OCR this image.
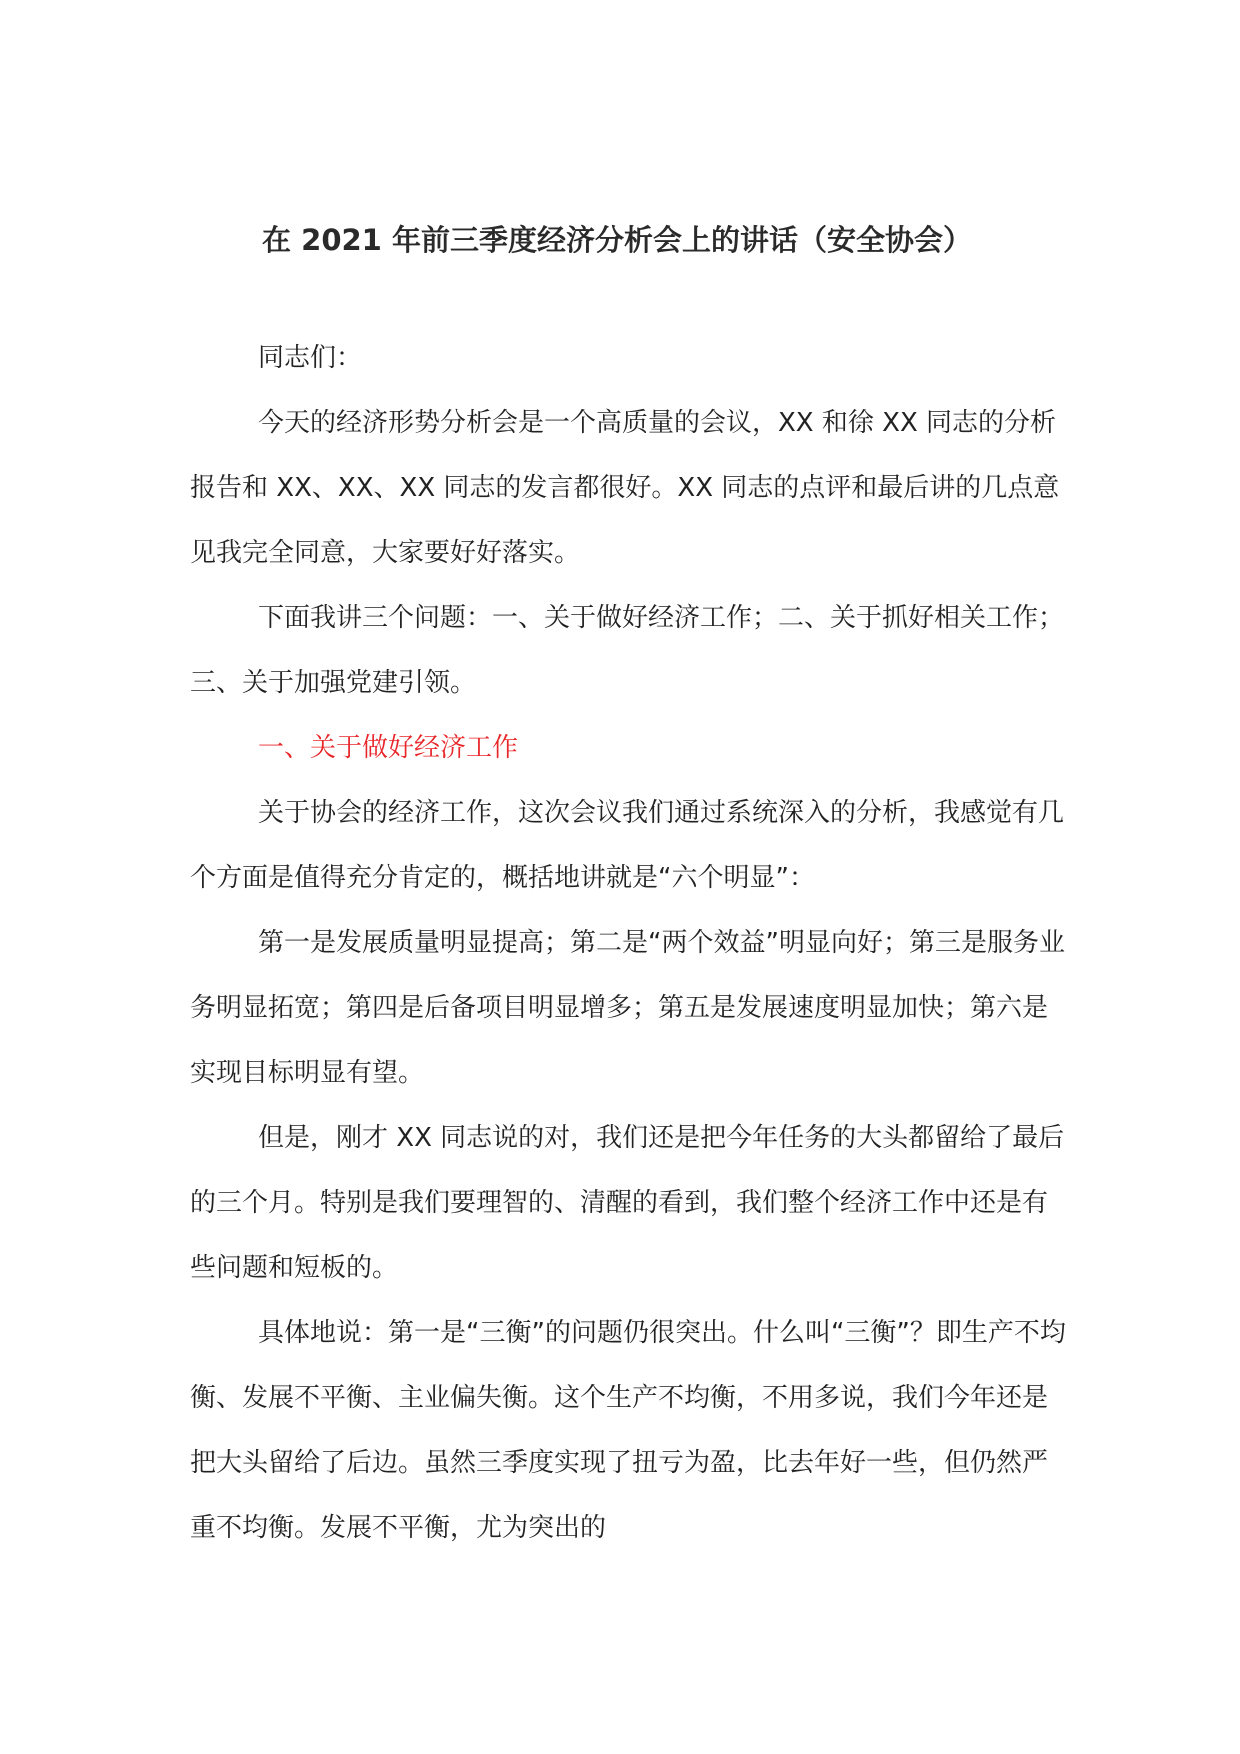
在 2021 年前三季度经济分析会上的讲话（安全协会）

同志们：

今天的经济形势分析会是一个高质量的会议，XX 和徐 XX 同志的分析报告和 XX、XX、XX 同志的发言都很好。XX 同志的点评和最后讲的几点意见我完全同意，大家要好好落实。

下面我讲三个问题：一、关于做好经济工作；二、关于抓好相关工作；三、关于加强党建引领。

一、关于做好经济工作

关于协会的经济工作，这次会议我们通过系统深入的分析，我感觉有几个方面是值得充分肯定的，概括地讲就是“六个明显”：

第一是发展质量明显提高；第二是“两个效益”明显向好；第三是服务业务明显拓宽；第四是后备项目明显增多；第五是发展速度明显加快；第六是实现目标明显有望。

但是，刚才 XX 同志说的对，我们还是把今年任务的大头都留给了最后的三个月。特别是我们要理智的、清醒的看到，我们整个经济工作中还是有些问题和短板的。

具体地说：第一是“三衡”的问题仍很突出。什么叫“三衡”？即生产不均衡、发展不平衡、主业偏失衡。这个生产不均衡，不用多说，我们今年还是把大头留给了后边。虽然三季度实现了扭亏为盈，比去年好一些，但仍然严重不均衡。发展不平衡，尤为突出的
